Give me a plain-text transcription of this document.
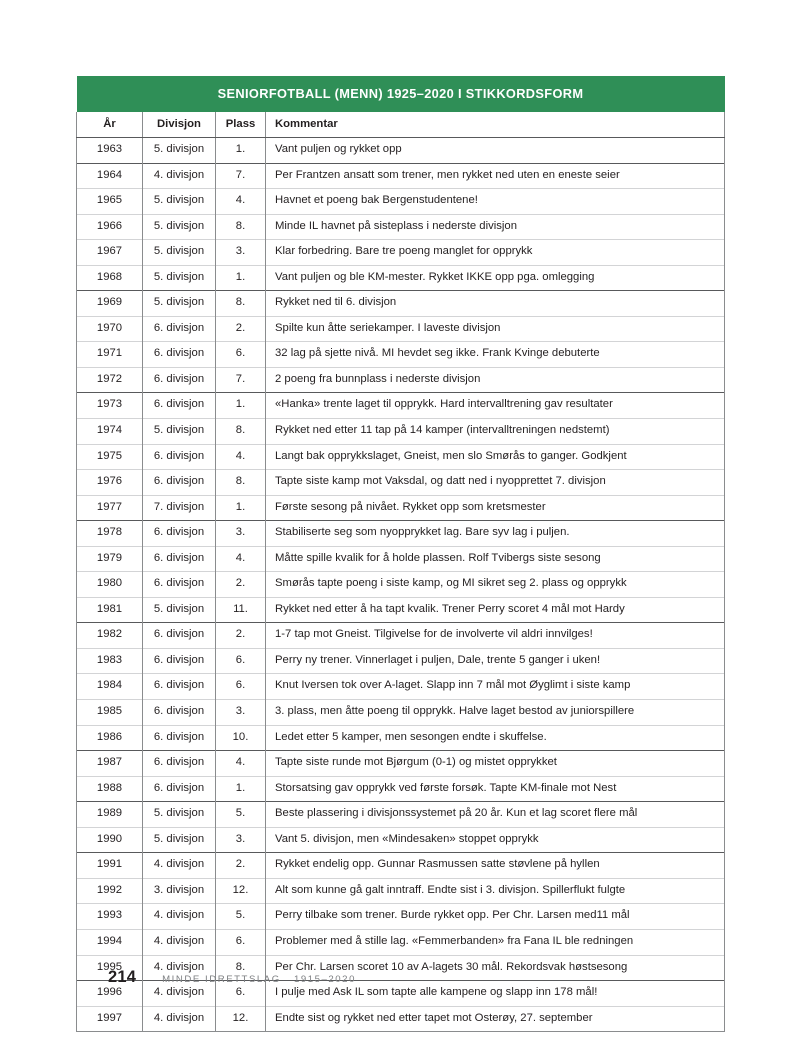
SENIORFOTBALL (MENN) 1925–2020 I STIKKORDSFORM			
År	Divisjon	Plass	Kommentar
1963	5. divisjon	1.	Vant puljen og rykket opp
1964	4. divisjon	7.	Per Frantzen ansatt som trener, men rykket ned uten en eneste seier
1965	5. divisjon	4.	Havnet et poeng bak Bergenstudentene!
1966	5. divisjon	8.	Minde IL havnet på sisteplass i nederste divisjon
1967	5. divisjon	3.	Klar forbedring. Bare tre poeng manglet for opprykk
1968	5. divisjon	1.	Vant puljen og ble KM-mester. Rykket IKKE opp pga. omlegging
1969	5. divisjon	8.	Rykket ned til 6. divisjon
1970	6. divisjon	2.	Spilte kun åtte seriekamper. I laveste divisjon
1971	6. divisjon	6.	32 lag på sjette nivå. MI hevdet seg ikke. Frank Kvinge debuterte
1972	6. divisjon	7.	2 poeng fra bunnplass i nederste divisjon
1973	6. divisjon	1.	«Hanka» trente laget til opprykk. Hard intervalltrening gav resultater
1974	5. divisjon	8.	Rykket ned etter 11 tap på 14 kamper (intervalltreningen nedstemt)
1975	6. divisjon	4.	Langt bak opprykkslaget, Gneist, men slo Smørås to ganger. Godkjent
1976	6. divisjon	8.	Tapte siste kamp mot Vaksdal, og datt ned i nyopprettet 7. divisjon
1977	7. divisjon	1.	Første sesong på nivået. Rykket opp som kretsmester
1978	6. divisjon	3.	Stabiliserte seg som nyopprykket lag. Bare syv lag i puljen.
1979	6. divisjon	4.	Måtte spille kvalik for å holde plassen. Rolf Tvibergs siste sesong
1980	6. divisjon	2.	Smørås tapte poeng i siste kamp, og MI sikret seg 2. plass og opprykk
1981	5. divisjon	11.	Rykket ned etter å ha tapt kvalik. Trener Perry scoret 4 mål mot Hardy
1982	6. divisjon	2.	1-7 tap mot Gneist. Tilgivelse for de involverte vil aldri innvilges!
1983	6. divisjon	6.	Perry ny trener. Vinnerlaget i puljen, Dale, trente 5 ganger i uken!
1984	6. divisjon	6.	Knut Iversen tok over A-laget. Slapp inn 7 mål mot Øyglimt i siste kamp
1985	6. divisjon	3.	3. plass, men åtte poeng til opprykk. Halve laget bestod av juniorspillere
1986	6. divisjon	10.	Ledet etter 5 kamper, men sesongen endte i skuffelse.
1987	6. divisjon	4.	Tapte siste runde mot Bjørgum (0-1) og mistet opprykket
1988	6. divisjon	1.	Storsatsing gav opprykk ved første forsøk. Tapte KM-finale mot Nest
1989	5. divisjon	5.	Beste plassering i divisjonssystemet på 20 år. Kun et lag scoret flere mål
1990	5. divisjon	3.	Vant 5. divisjon, men «Mindesaken» stoppet opprykk
1991	4. divisjon	2.	Rykket endelig opp. Gunnar Rasmussen satte støvlene på hyllen
1992	3. divisjon	12.	Alt som kunne gå galt inntraff. Endte sist i 3. divisjon. Spillerflukt fulgte
1993	4. divisjon	5.	Perry tilbake som trener. Burde rykket opp. Per Chr. Larsen med11 mål
1994	4. divisjon	6.	Problemer med å stille lag. «Femmerbanden» fra Fana IL ble redningen
1995	4. divisjon	8.	Per Chr. Larsen scoret 10 av A-lagets 30 mål. Rekordsvak høstsesong
1996	4. divisjon	6.	I pulje med Ask IL som tapte alle kampene og slapp inn 178 mål!
1997	4. divisjon	12.	Endte sist og rykket ned etter tapet mot Osterøy, 27. september
214	MINDE IDRETTSLAG 1915–2020
